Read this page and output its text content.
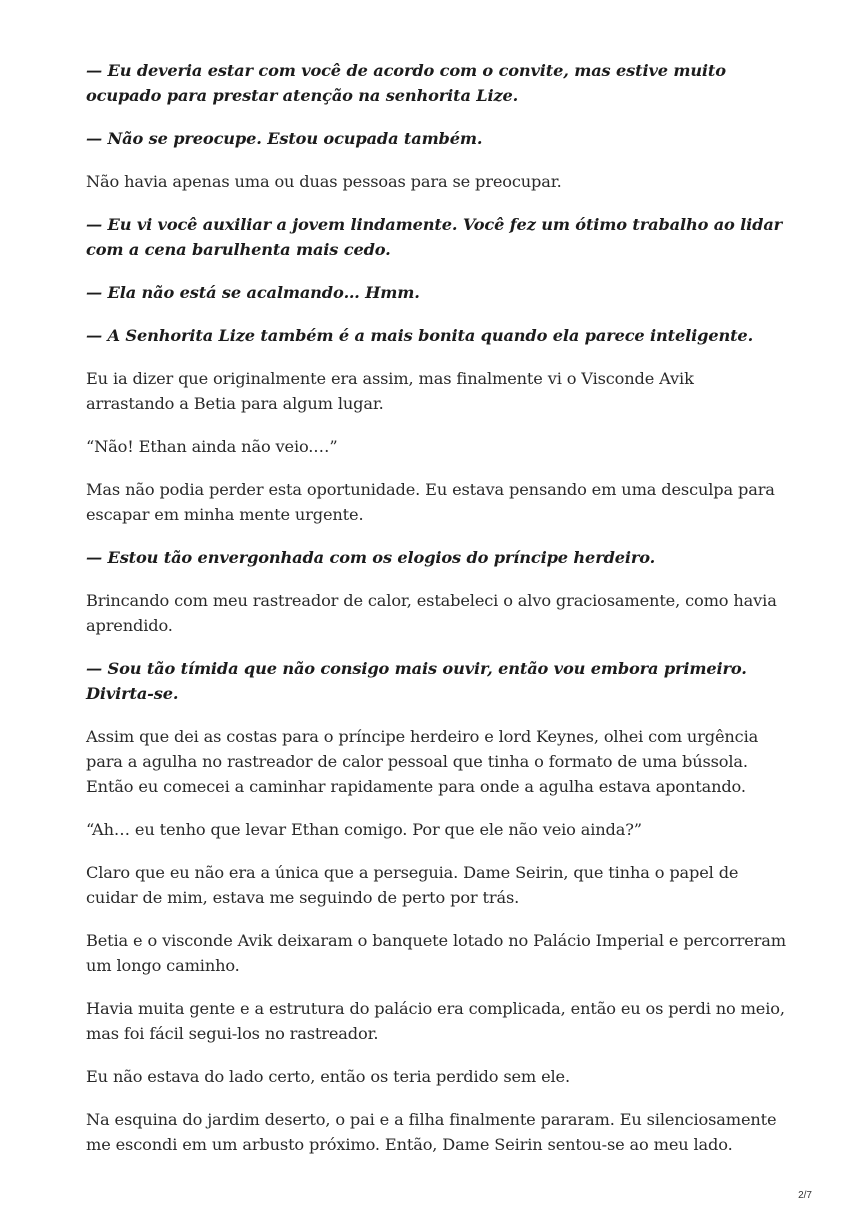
— Eu deveria estar com você de acordo com o convite, mas estive muito ocupado para prestar atenção na senhorita Lize.

— Não se preocupe. Estou ocupada também.

Não havia apenas uma ou duas pessoas para se preocupar.

— Eu vi você auxiliar a jovem lindamente. Você fez um ótimo trabalho ao lidar com a cena barulhenta mais cedo.

— Ela não está se acalmando… Hmm.

— A Senhorita Lize também é a mais bonita quando ela parece inteligente.

Eu ia dizer que originalmente era assim, mas finalmente vi o Visconde Avik arrastando a Betia para algum lugar.

“Não! Ethan ainda não veio.…”

Mas não podia perder esta oportunidade. Eu estava pensando em uma desculpa para escapar em minha mente urgente.

— Estou tão envergonhada com os elogios do príncipe herdeiro.

Brincando com meu rastreador de calor, estabeleci o alvo graciosamente, como havia aprendido.

— Sou tão tímida que não consigo mais ouvir, então vou embora primeiro. Divirta-se.

Assim que dei as costas para o príncipe herdeiro e lord Keynes, olhei com urgência para a agulha no rastreador de calor pessoal que tinha o formato de uma bússola. Então eu comecei a caminhar rapidamente para onde a agulha estava apontando.

“Ah… eu tenho que levar Ethan comigo. Por que ele não veio ainda?”

Claro que eu não era a única que a perseguia. Dame Seirin, que tinha o papel de cuidar de mim, estava me seguindo de perto por trás.

Betia e o visconde Avik deixaram o banquete lotado no Palácio Imperial e percorreram um longo caminho.

Havia muita gente e a estrutura do palácio era complicada, então eu os perdi no meio, mas foi fácil segui-los no rastreador.

Eu não estava do lado certo, então os teria perdido sem ele.

Na esquina do jardim deserto, o pai e a filha finalmente pararam. Eu silenciosamente me escondi em um arbusto próximo. Então, Dame Seirin sentou-se ao meu lado.

2/7
